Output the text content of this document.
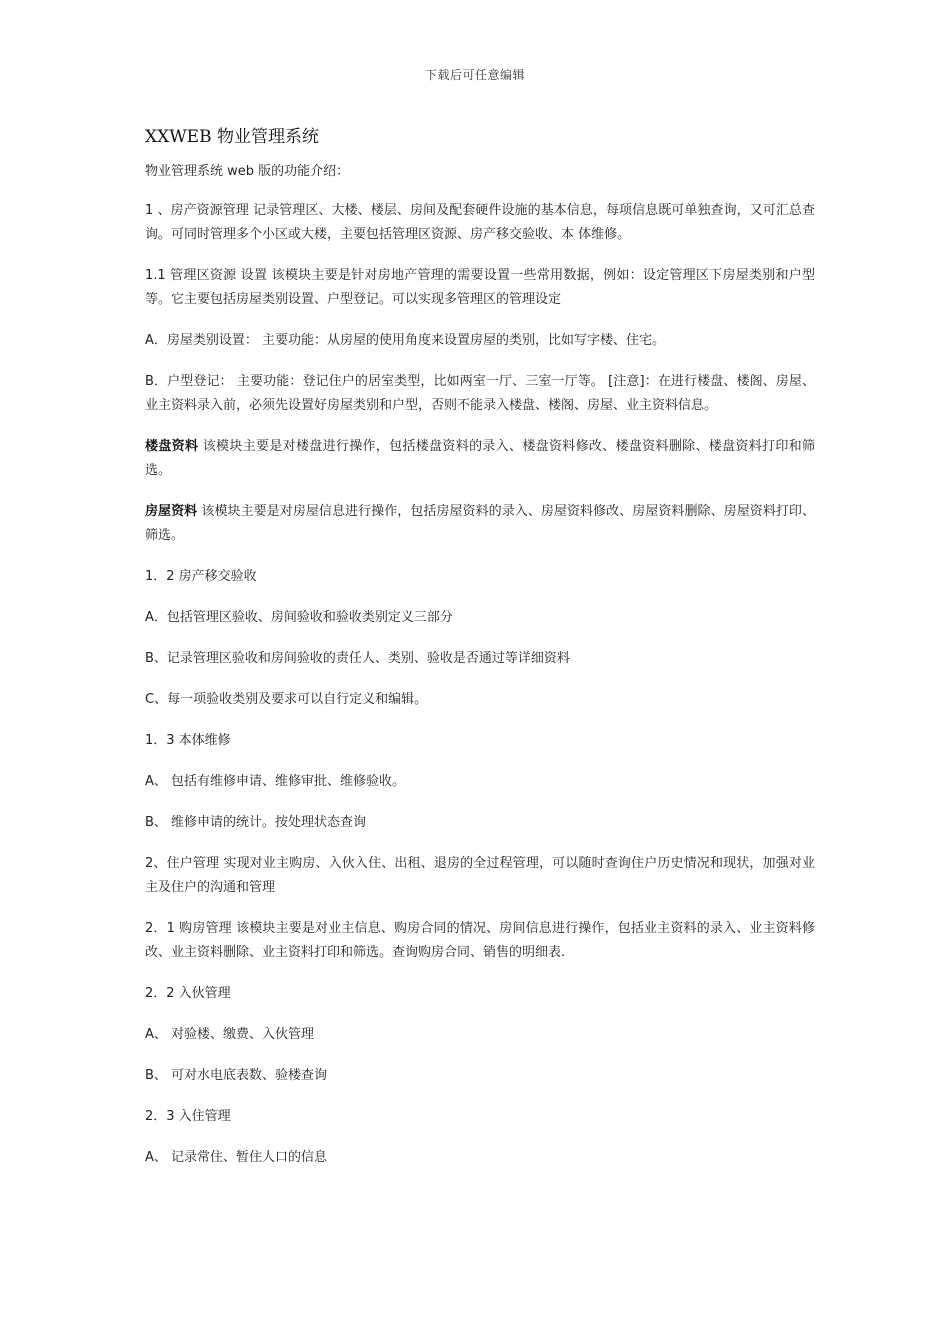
下载后可任意编辑
XXWEB 物业管理系统
物业管理系统 web 版的功能介绍：
1 、房产资源管理 记录管理区、大楼、楼层、房间及配套硬件设施的基本信息，每项信息既可单独查询，又可汇总查询。可同时管理多个小区或大楼，主要包括管理区资源、房产移交验收、本 体维修。
1.1 管理区资源 设置 该模块主要是针对房地产管理的需要设置一些常用数据，例如：设定管理区下房屋类别和户型等。它主要包括房屋类别设置、户型登记。可以实现多管理区的管理设定
A．房屋类别设置： 主要功能：从房屋的使用角度来设置房屋的类别，比如写字楼、住宅。
B．户型登记： 主要功能：登记住户的居室类型，比如两室一厅、三室一厅等。 [注意]：在进行楼盘、楼阁、房屋、业主资料录入前，必须先设置好房屋类别和户型，否则不能录入楼盘、楼阁、房屋、业主资料信息。
楼盘资料 该模块主要是对楼盘进行操作，包括楼盘资料的录入、楼盘资料修改、楼盘资料删除、楼盘资料打印和筛选。
房屋资料 该模块主要是对房屋信息进行操作，包括房屋资料的录入、房屋资料修改、房屋资料删除、房屋资料打印、筛选。
1．2 房产移交验收
A．包括管理区验收、房间验收和验收类别定义三部分
B、记录管理区验收和房间验收的责任人、类别、验收是否通过等详细资料
C、每一项验收类别及要求可以自行定义和编辑。
1．3 本体维修
A、 包括有维修申请、维修审批、维修验收。
B、 维修申请的统计。按处理状态查询
2、住户管理 实现对业主购房、入伙入住、出租、退房的全过程管理，可以随时查询住户历史情况和现状，加强对业主及住户的沟通和管理
2．1 购房管理 该模块主要是对业主信息、购房合同的情况、房间信息进行操作，包括业主资料的录入、业主资料修改、业主资料删除、业主资料打印和筛选。查询购房合同、销售的明细表.
2．2 入伙管理
A、 对验楼、缴费、入伙管理
B、 可对水电底表数、验楼查询
2．3 入住管理
A、 记录常住、暂住人口的信息
